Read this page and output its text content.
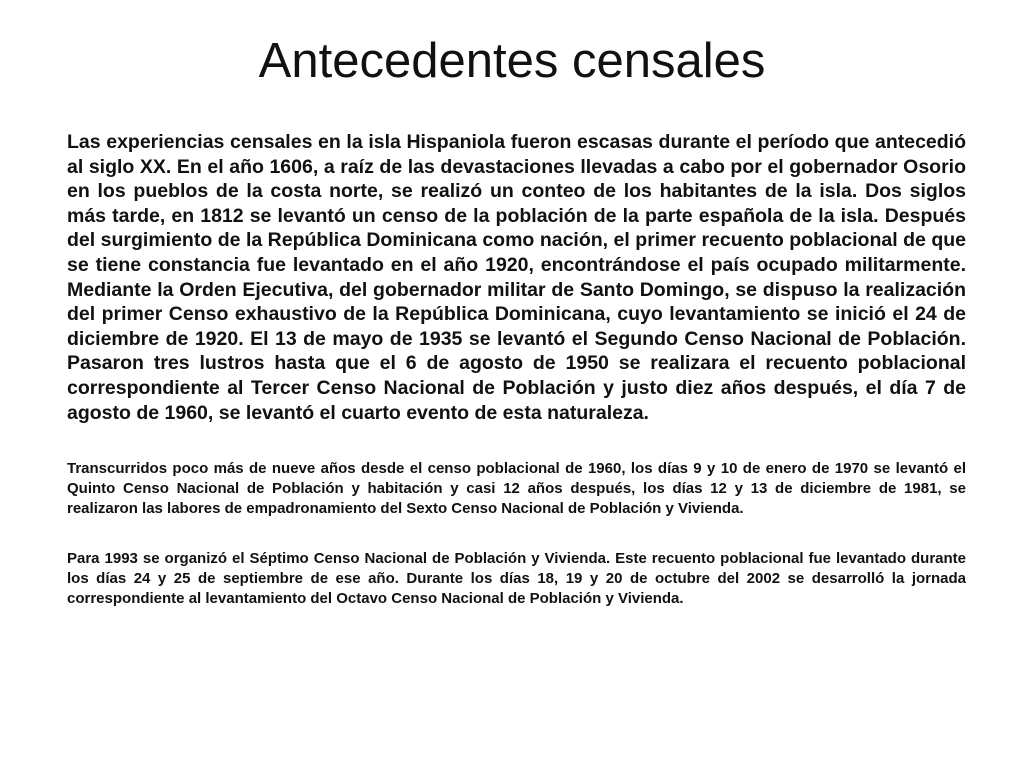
Antecedentes censales

Las experiencias censales en la isla Hispaniola fueron escasas durante el período que antecedió al siglo XX. En el año 1606, a raíz de las devastaciones llevadas a cabo por el gobernador Osorio en los pueblos de la costa norte, se realizó un conteo de los habitantes de la isla. Dos siglos más tarde, en 1812 se levantó un censo de la población de la parte española de la isla. Después del surgimiento de la República Dominicana como nación, el primer recuento poblacional de que se tiene constancia fue levantado en el año 1920, encontrándose el país ocupado militarmente. Mediante la Orden Ejecutiva, del gobernador militar de Santo Domingo, se dispuso la realización del primer Censo exhaustivo de la República Dominicana, cuyo levantamiento se inició el 24 de diciembre de 1920. El 13 de mayo de 1935 se levantó el Segundo Censo Nacional de Población. Pasaron tres lustros hasta que el 6 de agosto de 1950 se realizara el recuento poblacional correspondiente al Tercer Censo Nacional de Población y justo diez años después, el día 7 de agosto de 1960, se levantó el cuarto evento de esta naturaleza.

Transcurridos poco más de nueve años desde el censo poblacional de 1960, los días 9 y 10 de enero de 1970 se levantó el Quinto Censo Nacional de Población y habitación y casi 12 años después, los días 12 y 13 de diciembre de 1981, se realizaron las labores de empadronamiento del Sexto Censo Nacional de Población y Vivienda.

Para 1993 se organizó el Séptimo Censo Nacional de Población y Vivienda. Este recuento poblacional fue levantado durante los días 24 y 25 de septiembre de ese año. Durante los días 18, 19 y 20 de octubre del 2002 se desarrolló la jornada correspondiente al levantamiento del Octavo Censo Nacional de Población y Vivienda.
